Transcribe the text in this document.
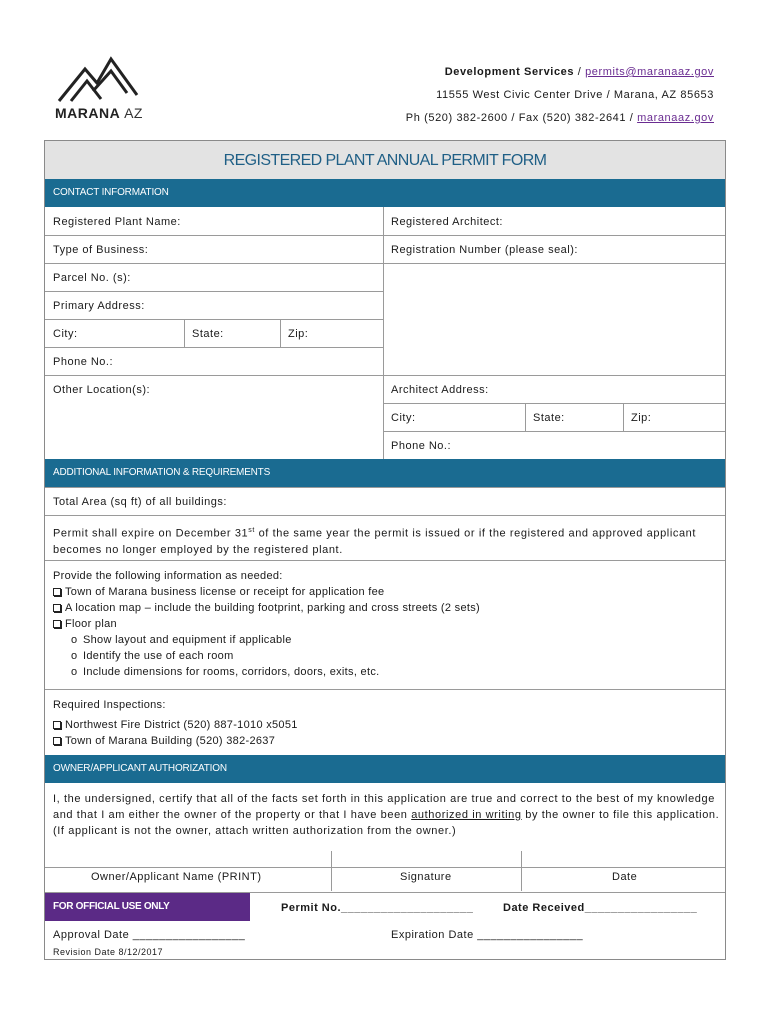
MARANA AZ
Development Services / permits@maranaaz.gov
11555 West Civic Center Drive / Marana, AZ 85653
Ph (520) 382-2600 / Fax (520) 382-2641 / maranaaz.gov
REGISTERED PLANT ANNUAL PERMIT FORM
CONTACT INFORMATION
Registered Plant Name:	Registered Architect:
Type of Business:	Registration Number (please seal):
Parcel No. (s):
Primary Address:
City:	State:	Zip:
Phone No.:
Other Location(s):	Architect Address:
City:	State:	Zip:
Phone No.:
ADDITIONAL INFORMATION & REQUIREMENTS
Total Area (sq ft) of all buildings:
Permit shall expire on December 31st of the same year the permit is issued or if the registered and approved applicant becomes no longer employed by the registered plant.
Provide the following information as needed:
Town of Marana business license or receipt for application fee
A location map – include the building footprint, parking and cross streets (2 sets)
Floor plan
o Show layout and equipment if applicable
o Identify the use of each room
o Include dimensions for rooms, corridors, doors, exits, etc.
Required Inspections:
Northwest Fire District (520) 887-1010 x5051
Town of Marana Building (520) 382-2637
OWNER/APPLICANT AUTHORIZATION
I, the undersigned, certify that all of the facts set forth in this application are true and correct to the best of my knowledge and that I am either the owner of the property or that I have been authorized in writing by the owner to file this application. (If applicant is not the owner, attach written authorization from the owner.)
Owner/Applicant Name (PRINT)	Signature	Date
FOR OFFICIAL USE ONLY	Permit No.____________________	Date Received_________________
Approval Date _________________	Expiration Date ________________
Revision Date 8/12/2017
